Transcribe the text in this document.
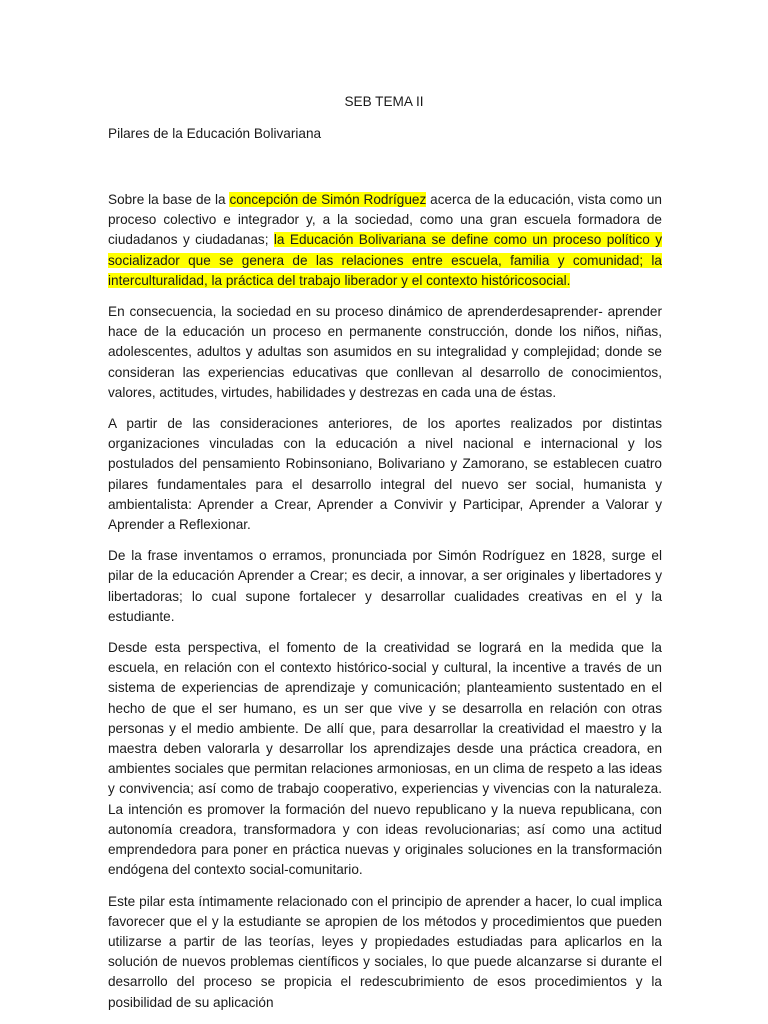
SEB TEMA II
Pilares de la Educación Bolivariana

Sobre la base de la concepción de Simón Rodríguez acerca de la educación, vista como un proceso colectivo e integrador y, a la sociedad, como una gran escuela formadora de ciudadanos y ciudadanas; la Educación Bolivariana se define como un proceso político y socializador que se genera de las relaciones entre escuela, familia y comunidad; la interculturalidad, la práctica del trabajo liberador y el contexto históricosocial.

En consecuencia, la sociedad en su proceso dinámico de aprenderdesaprender- aprender hace de la educación un proceso en permanente construcción, donde los niños, niñas, adolescentes, adultos y adultas son asumidos en su integralidad y complejidad; donde se consideran las experiencias educativas que conllevan al desarrollo de conocimientos, valores, actitudes, virtudes, habilidades y destrezas en cada una de éstas.

A partir de las consideraciones anteriores, de los aportes realizados por distintas organizaciones vinculadas con la educación a nivel nacional e internacional y los postulados del pensamiento Robinsoniano, Bolivariano y Zamorano, se establecen cuatro pilares fundamentales para el desarrollo integral del nuevo ser social, humanista y ambientalista: Aprender a Crear, Aprender a Convivir y Participar, Aprender a Valorar y Aprender a Reflexionar.

De la frase inventamos o erramos, pronunciada por Simón Rodríguez en 1828, surge el pilar de la educación Aprender a Crear; es decir, a innovar, a ser originales y libertadores y libertadoras; lo cual supone fortalecer y desarrollar cualidades creativas en el y la estudiante.

Desde esta perspectiva, el fomento de la creatividad se logrará en la medida que la escuela, en relación con el contexto histórico-social y cultural, la incentive a través de un sistema de experiencias de aprendizaje y comunicación; planteamiento sustentado en el hecho de que el ser humano, es un ser que vive y se desarrolla en relación con otras personas y el medio ambiente. De allí que, para desarrollar la creatividad el maestro y la maestra deben valorarla y desarrollar los aprendizajes desde una práctica creadora, en ambientes sociales que permitan relaciones armoniosas, en un clima de respeto a las ideas y convivencia; así como de trabajo cooperativo, experiencias y vivencias con la naturaleza. La intención es promover la formación del nuevo republicano y la nueva republicana, con autonomía creadora, transformadora y con ideas revolucionarias; así como una actitud emprendedora para poner en práctica nuevas y originales soluciones en la transformación endógena del contexto social-comunitario.

Este pilar esta íntimamente relacionado con el principio de aprender a hacer, lo cual implica favorecer que el y la estudiante se apropien de los métodos y procedimientos que pueden utilizarse a partir de las teorías, leyes y propiedades estudiadas para aplicarlos en la solución de nuevos problemas científicos y sociales, lo que puede alcanzarse si durante el desarrollo del proceso se propicia el redescubrimiento de esos procedimientos y la posibilidad de su aplicación
